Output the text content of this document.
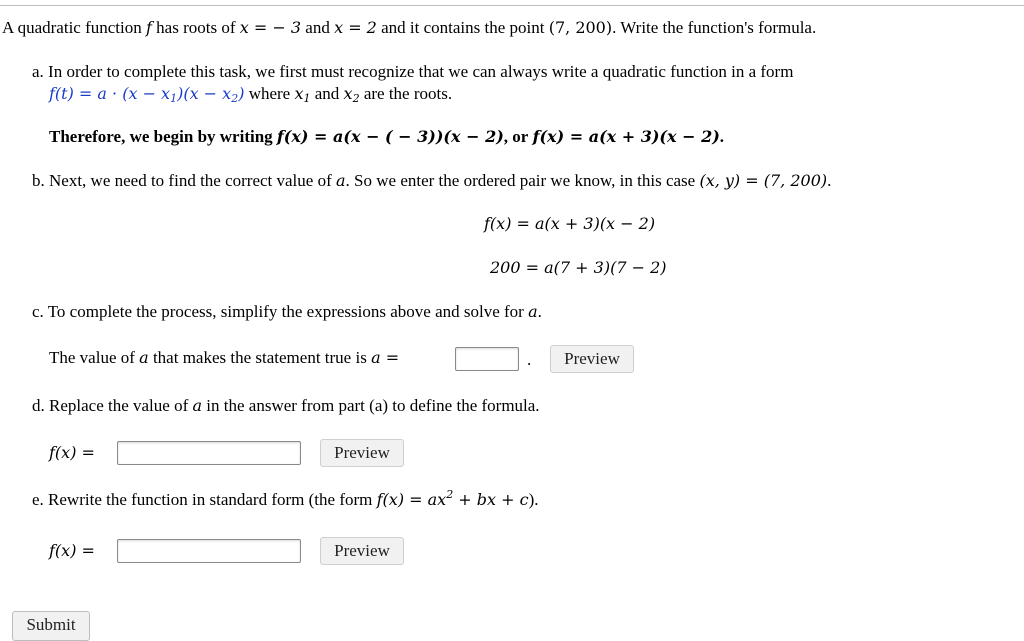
A quadratic function f has roots of x = − 3 and x = 2 and it contains the point (7, 200). Write the function's formula.
a. In order to complete this task, we first must recognize that we can always write a quadratic function in a form
$f(t) = a \cdot (x - x_1)(x - x_2)$ where $x_1$ and $x_2$ are the roots.
Therefore, we begin by writing f(x) = a(x − ( − 3))(x − 2), or f(x) = a(x + 3)(x − 2).
b. Next, we need to find the correct value of a. So we enter the ordered pair we know, in this case (x, y) = (7, 200).
f(x) = a(x + 3)(x − 2)
200 = a(7 + 3)(7 − 2)
c. To complete the process, simplify the expressions above and solve for a.
The value of a that makes the statement true is a =	.	Preview
d. Replace the value of a in the answer from part (a) to define the formula.
f(x) =	Preview
e. Rewrite the function in standard form (the form $f(x) = ax^2$ + bx + c).
f(x) =	Preview
Submit
